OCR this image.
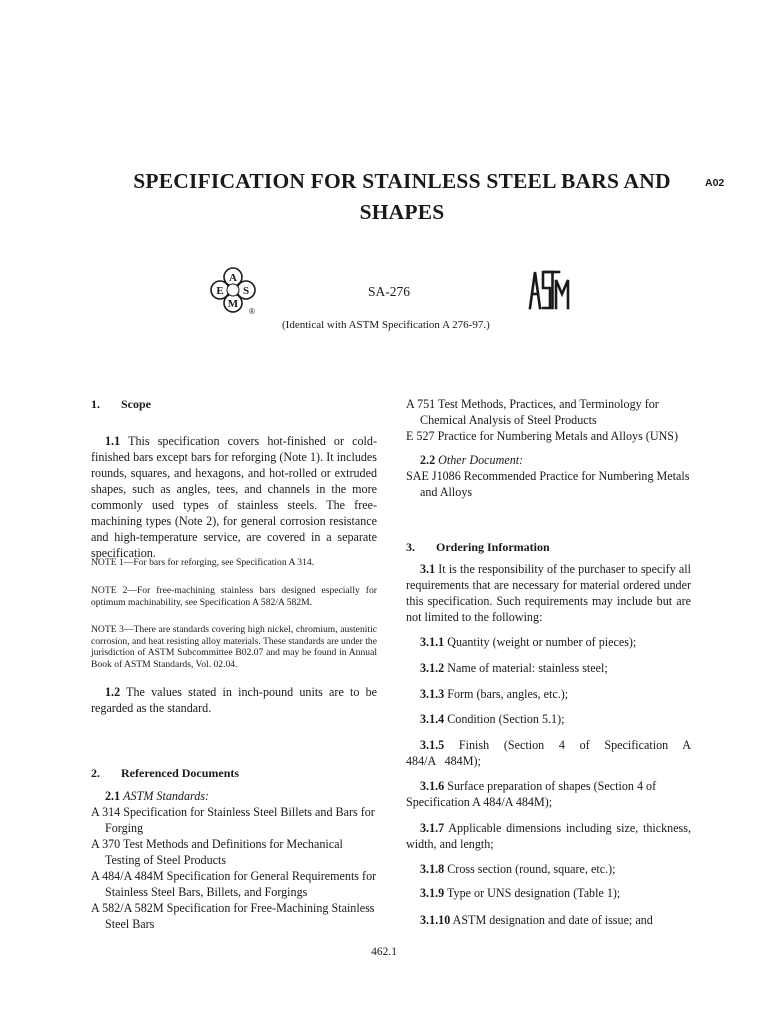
SPECIFICATION FOR STAINLESS STEEL BARS AND
SHAPES
A02
A
S
M
E
®
SA-276
ASTM
(Identical with ASTM Specification A 276-97.)
1. Scope
1.1 This specification covers hot-finished or cold-finished bars except bars for reforging (Note 1). It includes rounds, squares, and hexagons, and hot-rolled or extruded shapes, such as angles, tees, and channels in the more commonly used types of stainless steels. The free-machining types (Note 2), for general corrosion resistance and high-temperature service, are covered in a separate specification.
NOTE 1—For bars for reforging, see Specification A 314.
NOTE 2—For free-machining stainless bars designed especially for optimum machinability, see Specification A 582/A 582M.
NOTE 3—There are standards covering high nickel, chromium, austenitic corrosion, and heat resisting alloy materials. These standards are under the jurisdiction of ASTM Subcommittee B02.07 and may be found in Annual Book of ASTM Standards, Vol. 02.04.
1.2 The values stated in inch-pound units are to be regarded as the standard.
2. Referenced Documents
2.1 ASTM Standards:
A 314 Specification for Stainless Steel Billets and Bars for Forging
A 370 Test Methods and Definitions for Mechanical Testing of Steel Products
A 484/A 484M Specification for General Requirements for Stainless Steel Bars, Billets, and Forgings
A 582/A 582M Specification for Free-Machining Stainless Steel Bars
A 751 Test Methods, Practices, and Terminology for Chemical Analysis of Steel Products
E 527 Practice for Numbering Metals and Alloys (UNS)
2.2 Other Document:
SAE J1086 Recommended Practice for Numbering Metals and Alloys
3. Ordering Information
3.1 It is the responsibility of the purchaser to specify all requirements that are necessary for material ordered under this specification. Such requirements may include but are not limited to the following:
3.1.1 Quantity (weight or number of pieces);
3.1.2 Name of material: stainless steel;
3.1.3 Form (bars, angles, etc.);
3.1.4 Condition (Section 5.1);
3.1.5 Finish (Section 4 of Specification A 484/A 484M);
3.1.6 Surface preparation of shapes (Section 4 of Specification A 484/A 484M);
3.1.7 Applicable dimensions including size, thickness, width, and length;
3.1.8 Cross section (round, square, etc.);
3.1.9 Type or UNS designation (Table 1);
3.1.10 ASTM designation and date of issue; and
462.1
